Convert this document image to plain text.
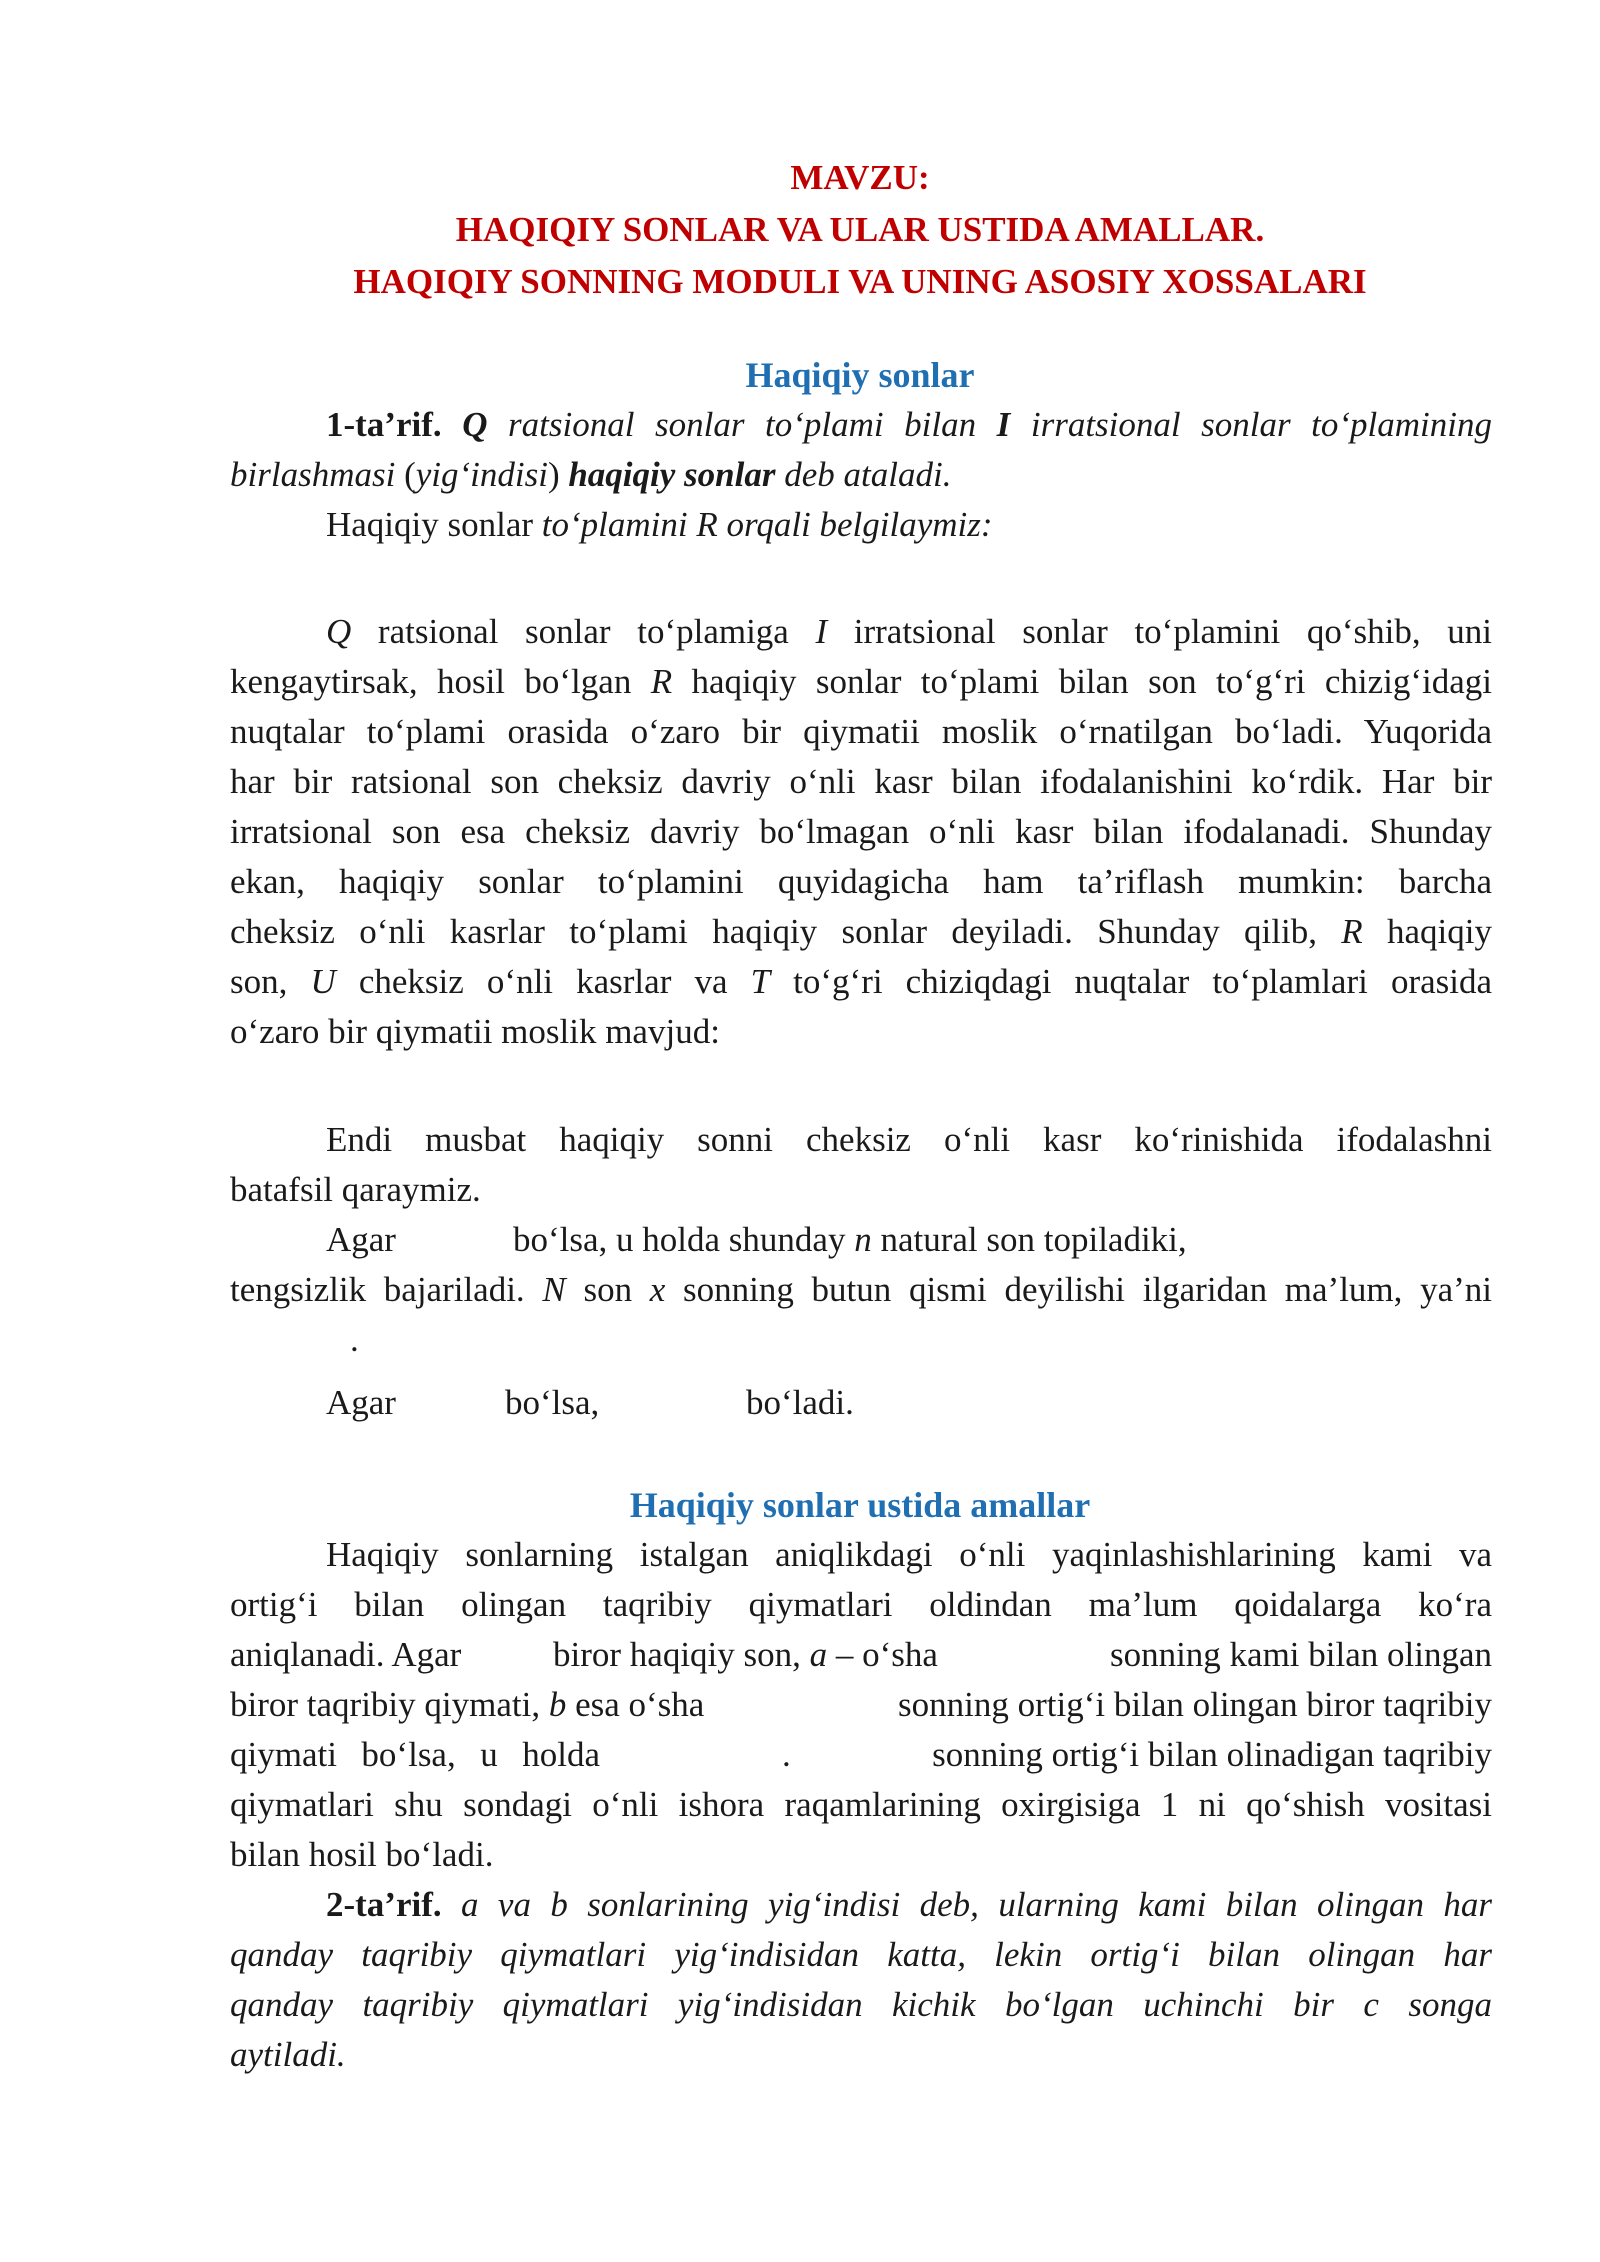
MAVZU:
HAQIQIY SONLAR VA ULAR USTIDA AMALLAR.
HAQIQIY SONNING MODULI VA UNING ASOSIY XOSSALARI
Haqiqiy sonlar
1-ta’rif. Q ratsional sonlar to‘plami bilan I irratsional sonlar to‘plamining
birlashmasi (yig‘indisi) haqiqiy sonlar deb ataladi.
Haqiqiy sonlar to‘plamini R orqali belgilaymiz:
Q ratsional sonlar to‘plamiga I irratsional sonlar to‘plamini qo‘shib, uni
kengaytirsak, hosil bo‘lgan R haqiqiy sonlar to‘plami bilan son to‘g‘ri chizig‘idagi
nuqtalar to‘plami orasida o‘zaro bir qiymatii moslik o‘rnatilgan bo‘ladi. Yuqorida
har bir ratsional son cheksiz davriy o‘nli kasr bilan ifodalanishini ko‘rdik. Har bir
irratsional son esa cheksiz davriy bo‘lmagan o‘nli kasr bilan ifodalanadi. Shunday
ekan, haqiqiy sonlar to‘plamini quyidagicha ham ta’riflash mumkin: barcha
cheksiz o‘nli kasrlar to‘plami haqiqiy sonlar deyiladi. Shunday qilib, R haqiqiy
son, U cheksiz o‘nli kasrlar va T to‘g‘ri chiziqdagi nuqtalar to‘plamlari orasida
o‘zaro bir qiymatii moslik mavjud:
Endi musbat haqiqiy sonni cheksiz o‘nli kasr ko‘rinishida ifodalashni
batafsil qaraymiz.
Agar	bo‘lsa, u holda shunday n natural son topiladiki,
tengsizlik bajariladi. N son x sonning butun qismi deyilishi ilgaridan ma’lum, ya’ni
.
Agar	bo‘lsa,	bo‘ladi.
Haqiqiy sonlar ustida amallar
Haqiqiy sonlarning istalgan aniqlikdagi o‘nli yaqinlashishlarining kami va
ortig‘i bilan olingan taqribiy qiymatlari oldindan ma’lum qoidalarga ko‘ra
aniqlanadi. Agar	biror haqiqiy son, a – o‘sha	sonning kami bilan olingan
biror taqribiy qiymati, b esa o‘sha	sonning ortig‘i bilan olingan biror taqribiy
qiymati bo‘lsa, u holda	.	sonning ortig‘i bilan olinadigan taqribiy
qiymatlari shu sondagi o‘nli ishora raqamlarining oxirgisiga 1 ni qo‘shish vositasi
bilan hosil bo‘ladi.
2-ta’rif. a va b sonlarining yig‘indisi deb, ularning kami bilan olingan har
qanday taqribiy qiymatlari yig‘indisidan katta, lekin ortig‘i bilan olingan har
qanday taqribiy qiymatlari yig‘indisidan kichik bo‘lgan uchinchi bir c songa
aytiladi.
